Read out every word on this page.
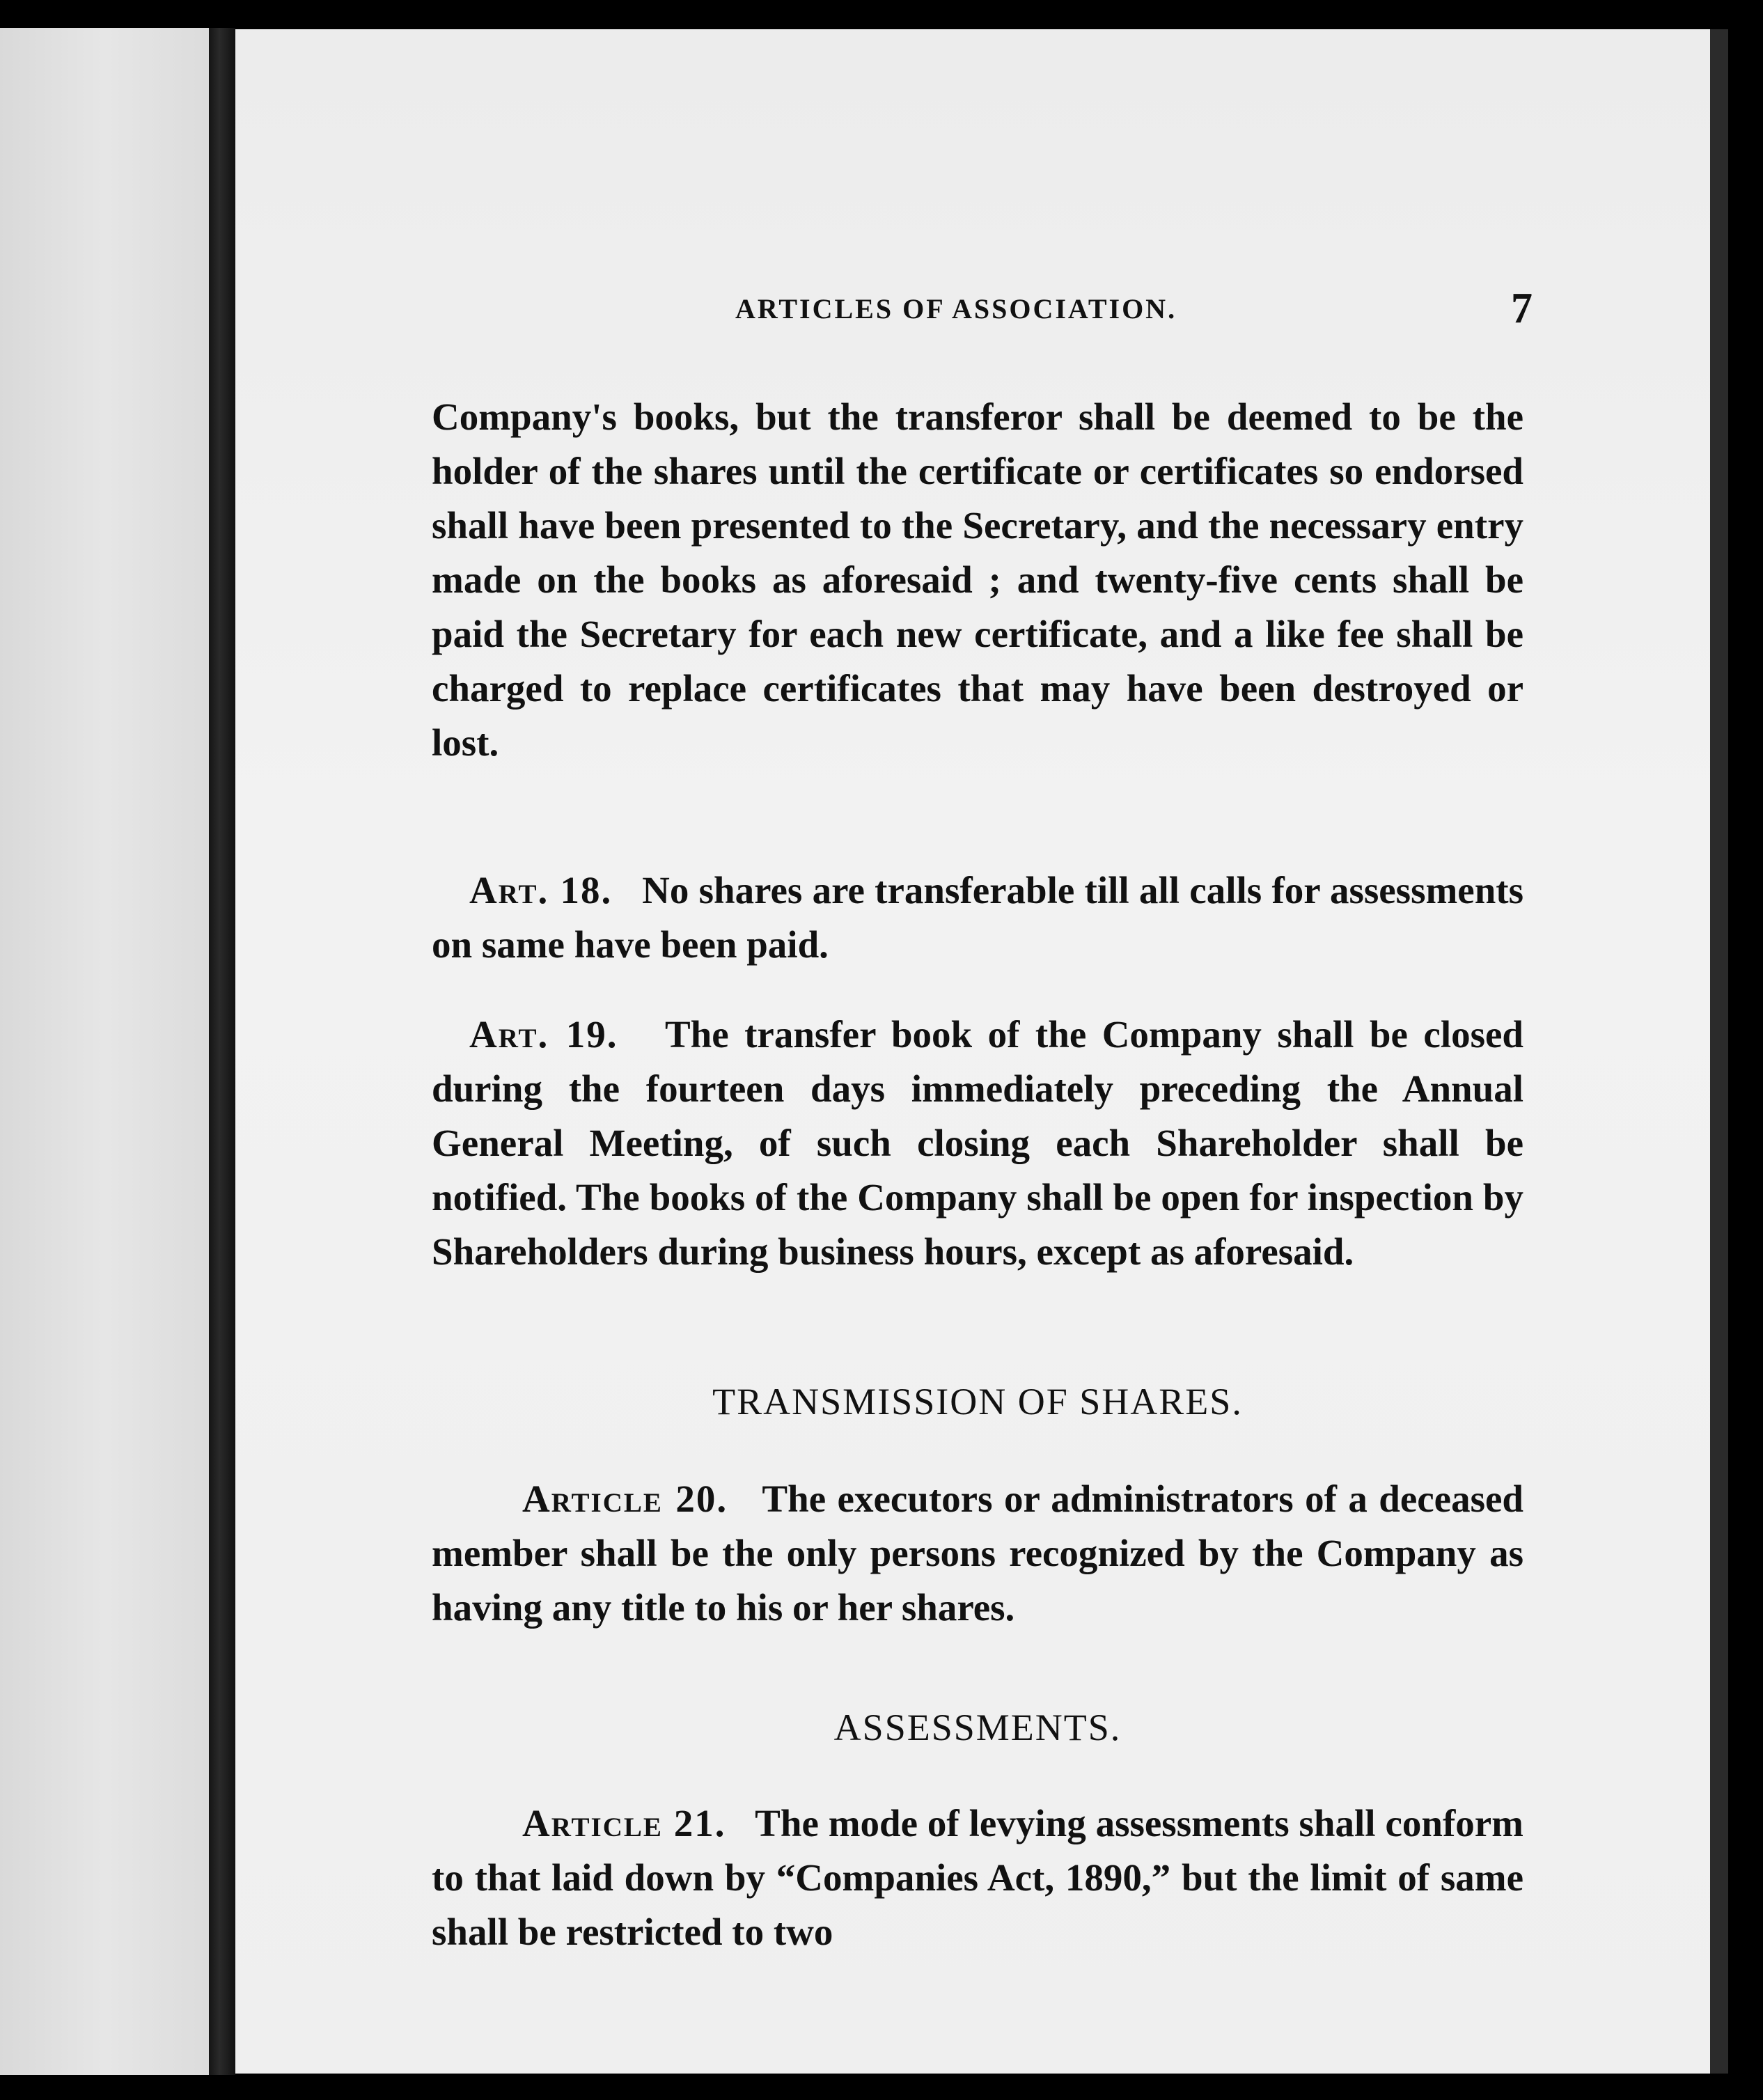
ARTICLES OF ASSOCIATION.	7

Company's books, but the transferor shall be deemed to be the holder of the shares until the certificate or certificates so endorsed shall have been presented to the Secretary, and the necessary entry made on the books as aforesaid ; and twenty-five cents shall be paid the Secretary for each new certificate, and a like fee shall be charged to replace certificates that may have been destroyed or lost.

Art. 18. No shares are transferable till all calls for assessments on same have been paid.

Art. 19. The transfer book of the Company shall be closed during the fourteen days immediately preceding the Annual General Meeting, of such closing each Shareholder shall be notified. The books of the Company shall be open for inspection by Shareholders during business hours, except as aforesaid.

TRANSMISSION OF SHARES.

Article 20. The executors or administrators of a deceased member shall be the only persons recognized by the Company as having any title to his or her shares.

ASSESSMENTS.

Article 21. The mode of levying assessments shall conform to that laid down by “Companies Act, 1890,” but the limit of same shall be restricted to two
